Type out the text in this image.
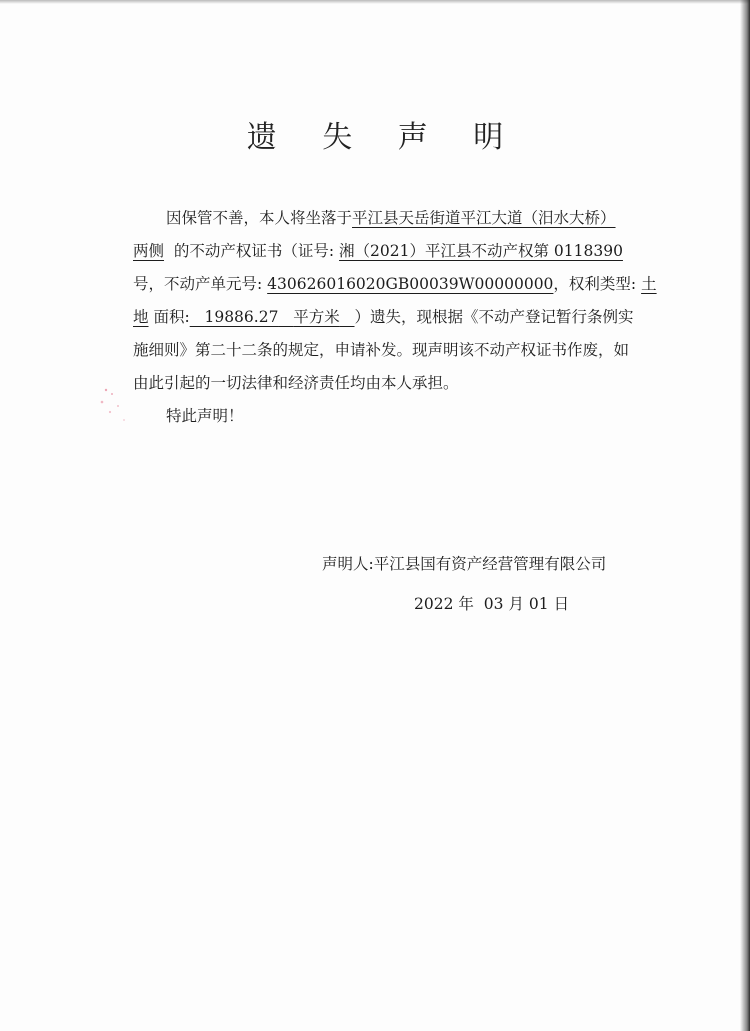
遗 失 声 明
因保管不善，本人将坐落于平江县天岳街道平江大道（汨水大桥）
两侧 的不动产权证书（证号: 湘（2021）平江县不动产权第 0118390
号，不动产单元号: 430626016020GB00039W00000000，权利类型: 土
地 面积: 19886.27 平方米 ）遗失，现根据《不动产登记暂行条例实
施细则》第二十二条的规定，申请补发。现声明该不动产权证书作废，如
由此引起的一切法律和经济责任均由本人承担。
特此声明！
声明人:平江县国有资产经营管理有限公司
2022 年 03 月 01 日
